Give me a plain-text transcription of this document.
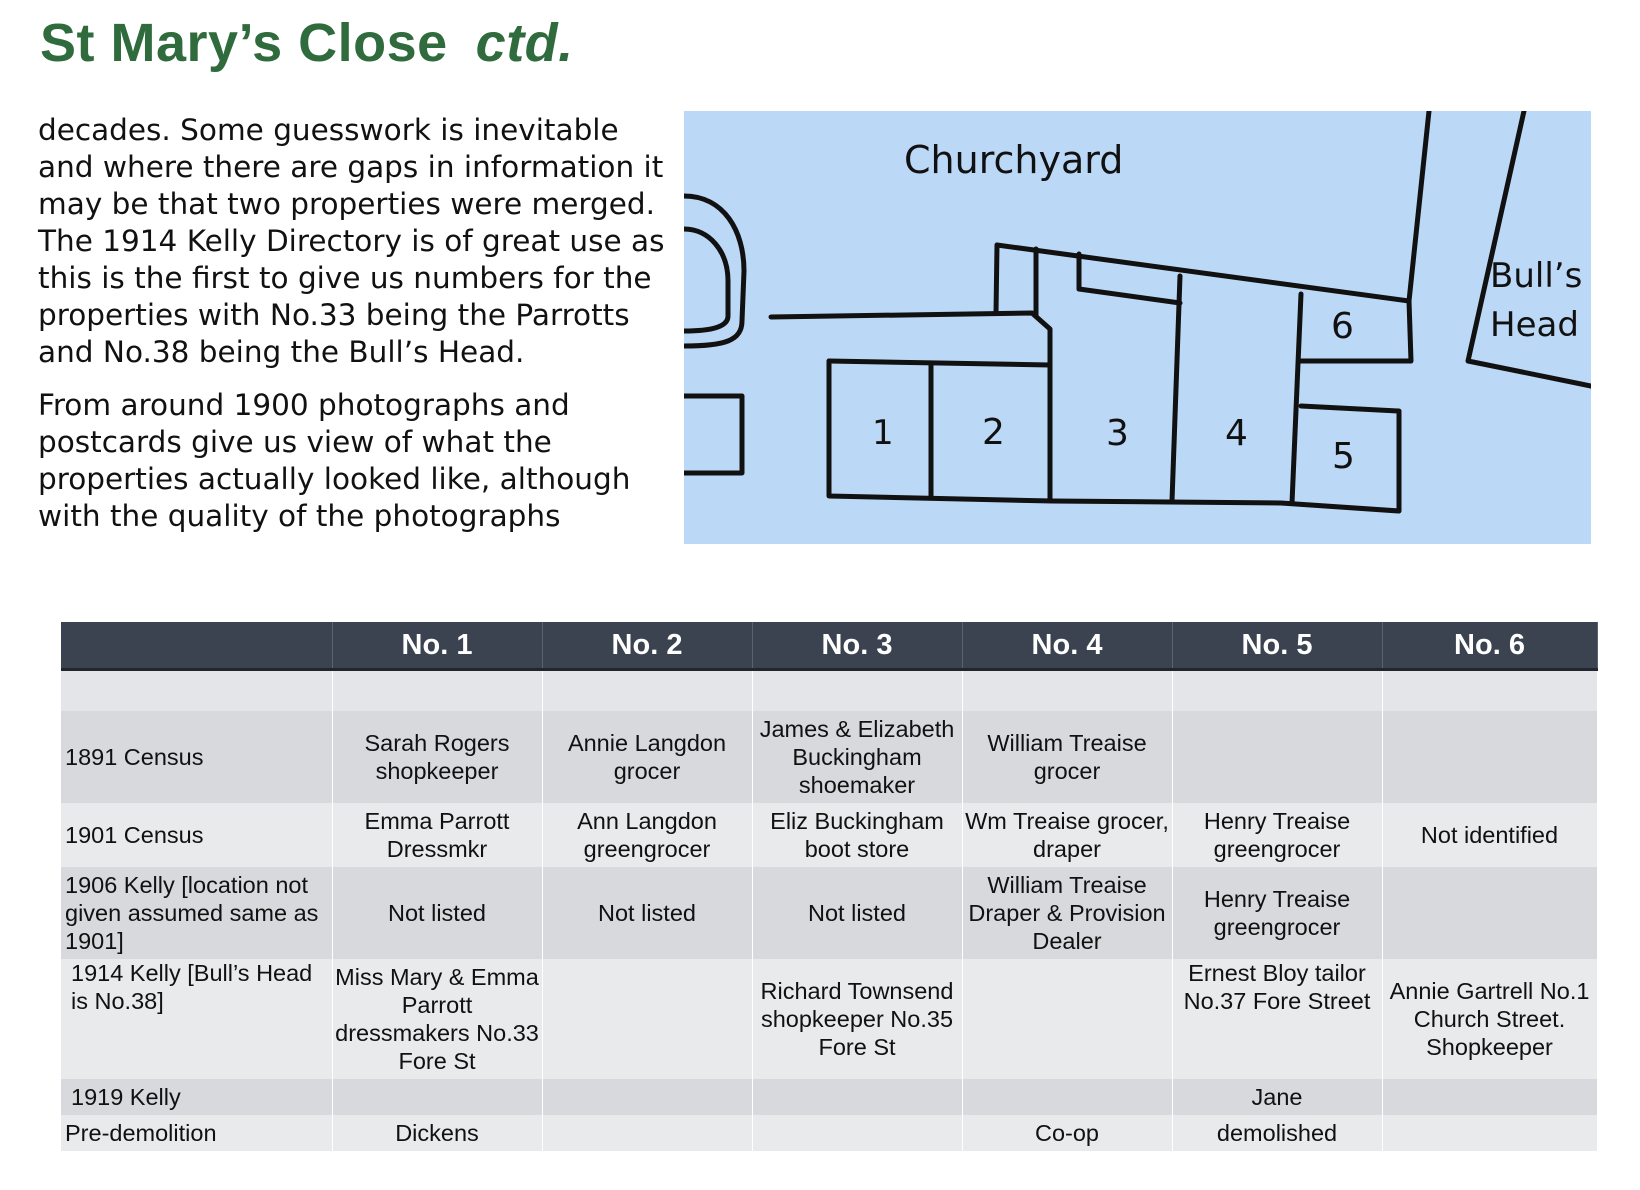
St Mary’s Close ctd.

decades. Some guesswork is inevitable and where there are gaps in information it may be that two properties were merged. The 1914 Kelly Directory is of great use as this is the first to give us numbers for the properties with No.33 being the Parrotts and No.38 being the Bull’s Head.

From around 1900 photographs and postcards give us view of what the properties actually looked like, although with the quality of the photographs

Churchyard
Bull’s
Head
1 2	3	4
5
6
	No. 1	No. 2	No. 3	No. 4	No. 5	No. 6

1891 Census	Sarah Rogers shopkeeper	Annie Langdon grocer	James & Elizabeth Buckingham shoemaker	William Treaise grocer		
1901 Census	Emma Parrott Dressmkr	Ann Langdon greengrocer	Eliz Buckingham boot store	Wm Treaise grocer, draper	Henry Treaise greengrocer	Not identified
1906 Kelly [location not given assumed same as 1901]	Not listed	Not listed	Not listed	William Treaise Draper & Provision Dealer	Henry Treaise greengrocer	
1914 Kelly [Bull’s Head is No.38]	Miss Mary & Emma Parrott dressmakers No.33 Fore St		Richard Townsend shopkeeper No.35 Fore St		Ernest Bloy tailor No.37 Fore Street	Annie Gartrell No.1 Church Street. Shopkeeper
1919 Kelly					Jane	
Pre-demolition	Dickens			Co-op	demolished	
